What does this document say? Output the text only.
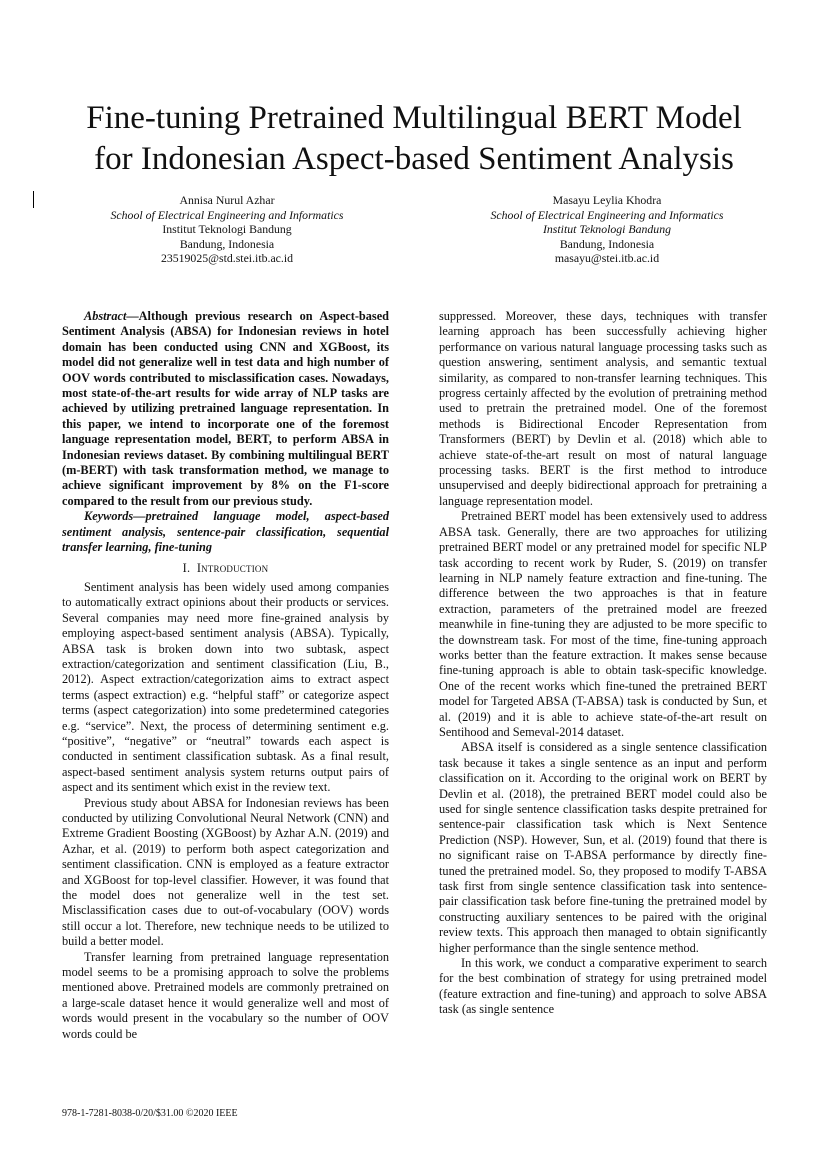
Fine-tuning Pretrained Multilingual BERT Model
for Indonesian Aspect-based Sentiment Analysis
Annisa Nurul Azhar
School of Electrical Engineering and Informatics
Institut Teknologi Bandung
Bandung, Indonesia
23519025@std.stei.itb.ac.id
Masayu Leylia Khodra
School of Electrical Engineering and Informatics
Institut Teknologi Bandung
Bandung, Indonesia
masayu@stei.itb.ac.id

Abstract—Although previous research on Aspect-based Sentiment Analysis (ABSA) for Indonesian reviews in hotel domain has been conducted using CNN and XGBoost, its model did not generalize well in test data and high number of OOV words contributed to misclassification cases. Nowadays, most state-of-the-art results for wide array of NLP tasks are achieved by utilizing pretrained language representation. In this paper, we intend to incorporate one of the foremost language representation model, BERT, to perform ABSA in Indonesian reviews dataset. By combining multilingual BERT (m-BERT) with task transformation method, we manage to achieve significant improvement by 8% on the F1-score compared to the result from our previous study.

Keywords—pretrained language model, aspect-based sentiment analysis, sentence-pair classification, sequential transfer learning, fine-tuning

I. Introduction

Sentiment analysis has been widely used among companies to automatically extract opinions about their products or services. Several companies may need more fine-grained analysis by employing aspect-based sentiment analysis (ABSA). Typically, ABSA task is broken down into two subtask, aspect extraction/categorization and sentiment classification (Liu, B., 2012). Aspect extraction/categorization aims to extract aspect terms (aspect extraction) e.g. “helpful staff” or categorize aspect terms (aspect categorization) into some predetermined categories e.g. “service”. Next, the process of determining sentiment e.g. “positive”, “negative” or “neutral” towards each aspect is conducted in sentiment classification subtask. As a final result, aspect-based sentiment analysis system returns output pairs of aspect and its sentiment which exist in the review text.

Previous study about ABSA for Indonesian reviews has been conducted by utilizing Convolutional Neural Network (CNN) and Extreme Gradient Boosting (XGBoost) by Azhar A.N. (2019) and Azhar, et al. (2019) to perform both aspect categorization and sentiment classification. CNN is employed as a feature extractor and XGBoost for top-level classifier. However, it was found that the model does not generalize well in the test set. Misclassification cases due to out-of-vocabulary (OOV) words still occur a lot. Therefore, new technique needs to be utilized to build a better model.

Transfer learning from pretrained language representation model seems to be a promising approach to solve the problems mentioned above. Pretrained models are commonly pretrained on a large-scale dataset hence it would generalize well and most of words would present in the vocabulary so the number of OOV words could be

suppressed. Moreover, these days, techniques with transfer learning approach has been successfully achieving higher performance on various natural language processing tasks such as question answering, sentiment analysis, and semantic textual similarity, as compared to non-transfer learning techniques. This progress certainly affected by the evolution of pretraining method used to pretrain the pretrained model. One of the foremost methods is Bidirectional Encoder Representation from Transformers (BERT) by Devlin et al. (2018) which able to achieve state-of-the-art result on most of natural language processing tasks. BERT is the first method to introduce unsupervised and deeply bidirectional approach for pretraining a language representation model.

Pretrained BERT model has been extensively used to address ABSA task. Generally, there are two approaches for utilizing pretrained BERT model or any pretrained model for specific NLP task according to recent work by Ruder, S. (2019) on transfer learning in NLP namely feature extraction and fine-tuning. The difference between the two approaches is that in feature extraction, parameters of the pretrained model are freezed meanwhile in fine-tuning they are adjusted to be more specific to the downstream task. For most of the time, fine-tuning approach works better than the feature extraction. It makes sense because fine-tuning approach is able to obtain task-specific knowledge. One of the recent works which fine-tuned the pretrained BERT model for Targeted ABSA (T-ABSA) task is conducted by Sun, et al. (2019) and it is able to achieve state-of-the-art result on Sentihood and Semeval-2014 dataset.

ABSA itself is considered as a single sentence classification task because it takes a single sentence as an input and perform classification on it. According to the original work on BERT by Devlin et al. (2018), the pretrained BERT model could also be used for single sentence classification tasks despite pretrained for sentence-pair classification task which is Next Sentence Prediction (NSP). However, Sun, et al. (2019) found that there is no significant raise on T-ABSA performance by directly fine-tuned the pretrained model. So, they proposed to modify T-ABSA task first from single sentence classification task into sentence-pair classification task before fine-tuning the pretrained model by constructing auxiliary sentences to be paired with the original review texts. This approach then managed to obtain significantly higher performance than the single sentence method.

In this work, we conduct a comparative experiment to search for the best combination of strategy for using pretrained model (feature extraction and fine-tuning) and approach to solve ABSA task (as single sentence

978-1-7281-8038-0/20/$31.00 ©2020 IEEE
